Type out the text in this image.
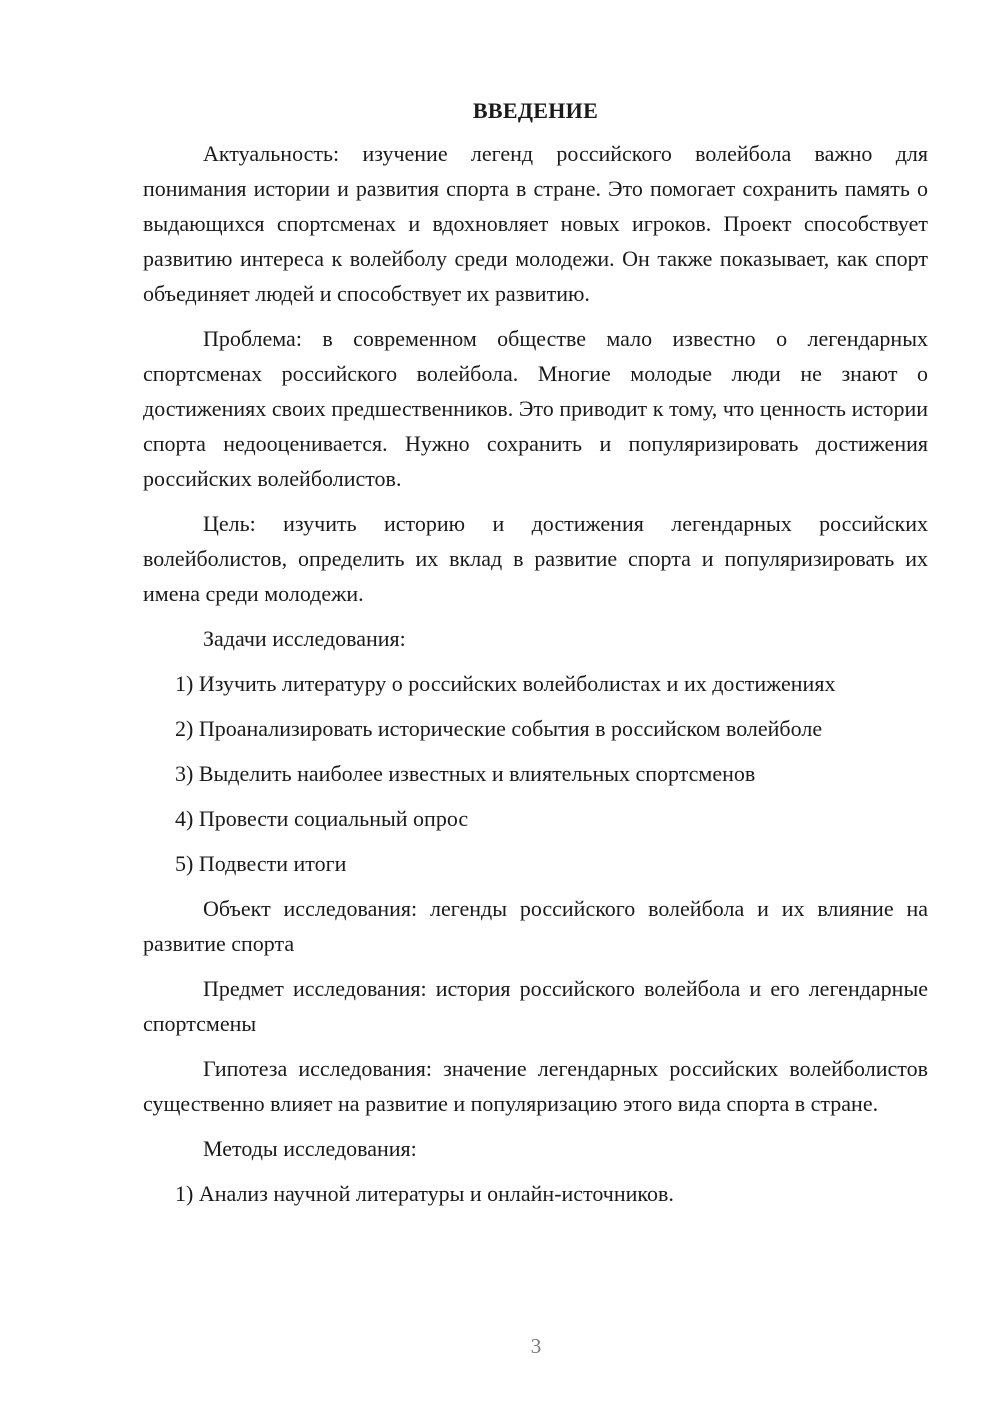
ВВЕДЕНИЕ

Актуальность: изучение легенд российского волейбола важно для понимания истории и развития спорта в стране. Это помогает сохранить память о выдающихся спортсменах и вдохновляет новых игроков. Проект способствует развитию интереса к волейболу среди молодежи. Он также показывает, как спорт объединяет людей и способствует их развитию.

Проблема: в современном обществе мало известно о легендарных спортсменах российского волейбола. Многие молодые люди не знают о достижениях своих предшественников. Это приводит к тому, что ценность истории спорта недооценивается. Нужно сохранить и популяризировать достижения российских волейболистов.

Цель: изучить историю и достижения легендарных российских волейболистов, определить их вклад в развитие спорта и популяризировать их имена среди молодежи.

Задачи исследования:

1) Изучить литературу о российских волейболистах и их достижениях

2) Проанализировать исторические события в российском волейболе

3) Выделить наиболее известных и влиятельных спортсменов

4) Провести социальный опрос

5) Подвести итоги

Объект исследования: легенды российского волейбола и их влияние на развитие спорта

Предмет исследования: история российского волейбола и его легендарные спортсмены

Гипотеза исследования: значение легендарных российских волейболистов существенно влияет на развитие и популяризацию этого вида спорта в стране.

Методы исследования:

1) Анализ научной литературы и онлайн-источников.

3
